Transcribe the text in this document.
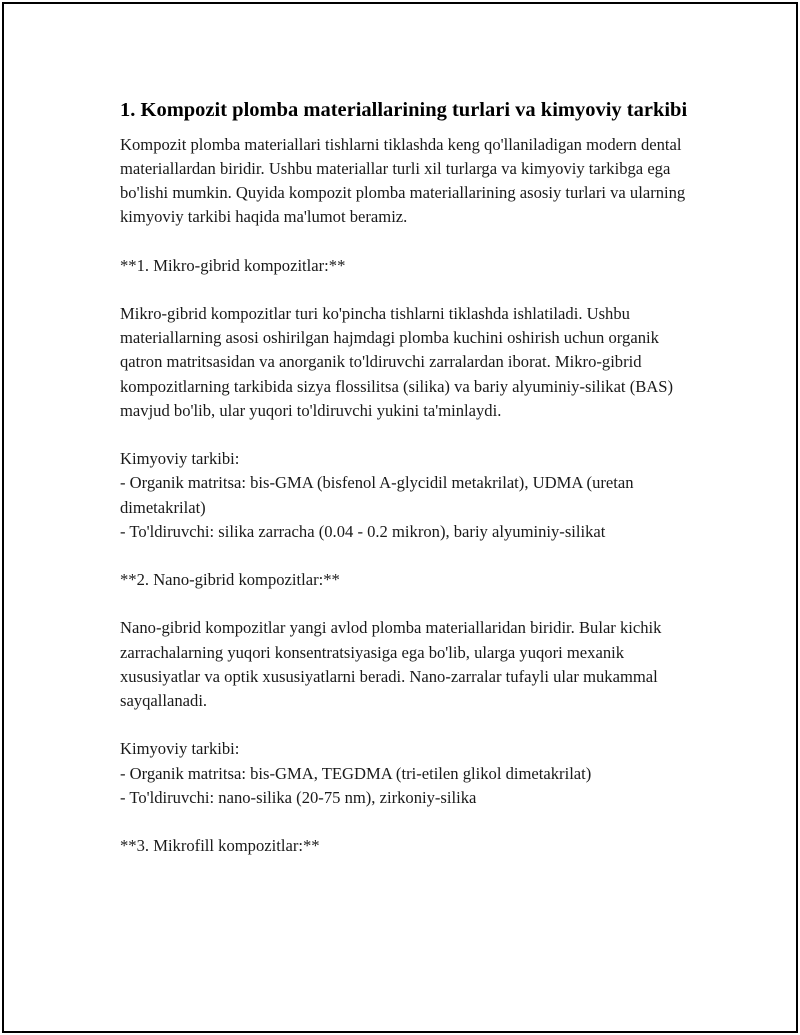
1. Kompozit plomba materiallarining turlari va kimyoviy tarkibi

Kompozit plomba materiallari tishlarni tiklashda keng qo'llaniladigan modern dental materiallardan biridir. Ushbu materiallar turli xil turlarga va kimyoviy tarkibga ega bo'lishi mumkin. Quyida kompozit plomba materiallarining asosiy turlari va ularning kimyoviy tarkibi haqida ma'lumot beramiz.

**1. Mikro-gibrid kompozitlar:**

Mikro-gibrid kompozitlar turi ko'pincha tishlarni tiklashda ishlatiladi. Ushbu materiallarning asosi oshirilgan hajmdagi plomba kuchini oshirish uchun organik qatron matritsasidan va anorganik to'ldiruvchi zarralardan iborat. Mikro-gibrid kompozitlarning tarkibida sizya flossilitsa (silika) va bariy alyuminiy-silikat (BAS) mavjud bo'lib, ular yuqori to'ldiruvchi yukini ta'minlaydi.

Kimyoviy tarkibi:

- Organik matritsa: bis-GMA (bisfenol A-glycidil metakrilat), UDMA (uretan dimetakrilat)

- To'ldiruvchi: silika zarracha (0.04 - 0.2 mikron), bariy alyuminiy-silikat

**2. Nano-gibrid kompozitlar:**

Nano-gibrid kompozitlar yangi avlod plomba materiallaridan biridir. Bular kichik zarrachalarning yuqori konsentratsiyasiga ega bo'lib, ularga yuqori mexanik xususiyatlar va optik xususiyatlarni beradi. Nano-zarralar tufayli ular mukammal sayqallanadi.

Kimyoviy tarkibi:

- Organik matritsa: bis-GMA, TEGDMA (tri-etilen glikol dimetakrilat)

- To'ldiruvchi: nano-silika (20-75 nm), zirkoniy-silika

**3. Mikrofill kompozitlar:**
